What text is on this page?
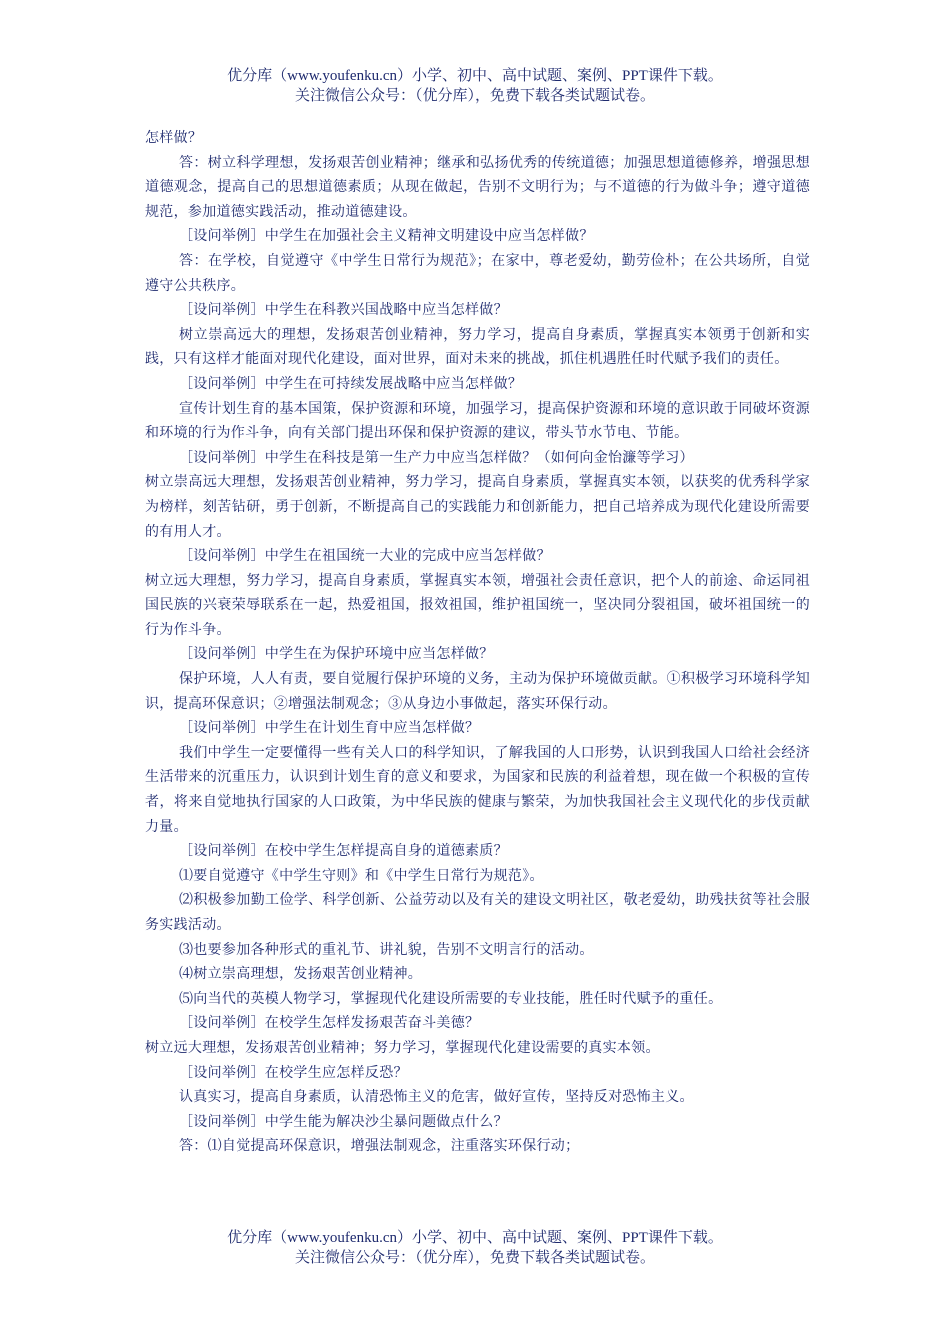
优分库（www.youfenku.cn）小学、初中、高中试题、案例、PPT课件下载。
关注微信公众号：（优分库），免费下载各类试题试卷。

怎样做？

答：树立科学理想，发扬艰苦创业精神；继承和弘扬优秀的传统道德；加强思想道德修养，增强思想道德观念，提高自己的思想道德素质；从现在做起，告别不文明行为；与不道德的行为做斗争；遵守道德规范，参加道德实践活动，推动道德建设。

［设问举例］中学生在加强社会主义精神文明建设中应当怎样做？

答：在学校，自觉遵守《中学生日常行为规范》；在家中，尊老爱幼，勤劳俭朴；在公共场所，自觉遵守公共秩序。

［设问举例］中学生在科教兴国战略中应当怎样做？

树立崇高远大的理想，发扬艰苦创业精神，努力学习，提高自身素质，掌握真实本领勇于创新和实践，只有这样才能面对现代化建设，面对世界，面对未来的挑战，抓住机遇胜任时代赋予我们的责任。

［设问举例］中学生在可持续发展战略中应当怎样做？

宣传计划生育的基本国策，保护资源和环境，加强学习，提高保护资源和环境的意识敢于同破坏资源和环境的行为作斗争，向有关部门提出环保和保护资源的建议，带头节水节电、节能。

［设问举例］中学生在科技是第一生产力中应当怎样做？（如何向金怡濂等学习）

树立崇高远大理想，发扬艰苦创业精神，努力学习，提高自身素质，掌握真实本领，以获奖的优秀科学家为榜样，刻苦钻研，勇于创新，不断提高自己的实践能力和创新能力，把自己培养成为现代化建设所需要的有用人才。

［设问举例］中学生在祖国统一大业的完成中应当怎样做？

树立远大理想，努力学习，提高自身素质，掌握真实本领，增强社会责任意识，把个人的前途、命运同祖国民族的兴衰荣辱联系在一起，热爱祖国，报效祖国，维护祖国统一，坚决同分裂祖国，破坏祖国统一的行为作斗争。

［设问举例］中学生在为保护环境中应当怎样做？

保护环境，人人有责，要自觉履行保护环境的义务，主动为保护环境做贡献。①积极学习环境科学知识，提高环保意识；②增强法制观念；③从身边小事做起，落实环保行动。

［设问举例］中学生在计划生育中应当怎样做？

我们中学生一定要懂得一些有关人口的科学知识，了解我国的人口形势，认识到我国人口给社会经济生活带来的沉重压力，认识到计划生育的意义和要求，为国家和民族的利益着想，现在做一个积极的宣传者，将来自觉地执行国家的人口政策，为中华民族的健康与繁荣，为加快我国社会主义现代化的步伐贡献力量。

［设问举例］在校中学生怎样提高自身的道德素质？

⑴要自觉遵守《中学生守则》和《中学生日常行为规范》。

⑵积极参加勤工俭学、科学创新、公益劳动以及有关的建设文明社区，敬老爱幼，助残扶贫等社会服务实践活动。

⑶也要参加各种形式的重礼节、讲礼貌，告别不文明言行的活动。

⑷树立崇高理想，发扬艰苦创业精神。

⑸向当代的英模人物学习，掌握现代化建设所需要的专业技能，胜任时代赋予的重任。

［设问举例］在校学生怎样发扬艰苦奋斗美德？

树立远大理想，发扬艰苦创业精神；努力学习，掌握现代化建设需要的真实本领。

［设问举例］在校学生应怎样反恐？

认真实习，提高自身素质，认清恐怖主义的危害，做好宣传，坚持反对恐怖主义。

［设问举例］中学生能为解决沙尘暴问题做点什么？

答：⑴自觉提高环保意识，增强法制观念，注重落实环保行动；

优分库（www.youfenku.cn）小学、初中、高中试题、案例、PPT课件下载。
关注微信公众号：（优分库），免费下载各类试题试卷。
